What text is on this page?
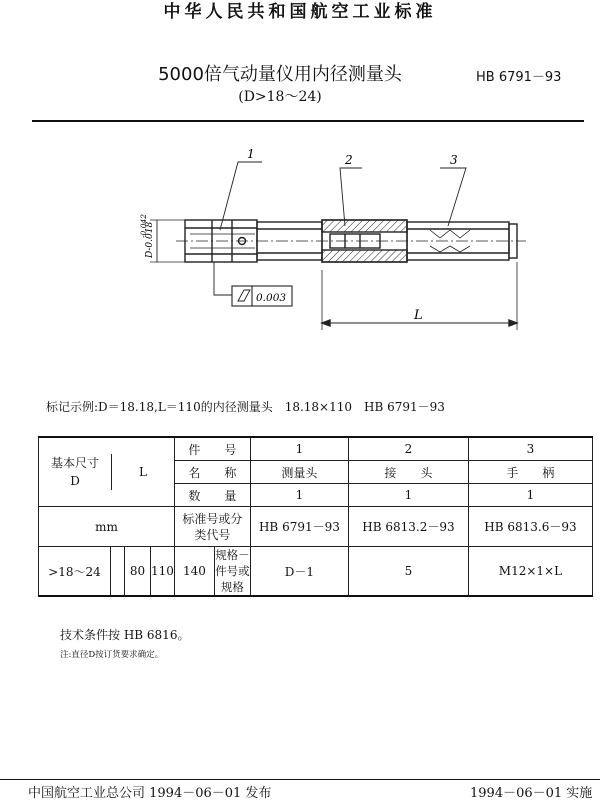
中华人民共和国航空工业标准
5000倍气动量仪用内径测量头
(D>18～24)
HB 6791－93
1	2	3
D-0.018
-0.042
0.003
L
标记示例:D＝18.18,L＝110的内径测量头　18.18×110　HB 6791－93
基本尺寸
D
L				件　　号		1	2	3
				名　　称		测量头	接　　头	手　　柄
				数　　量		1	1	1
mm				标准号或分类代号		HB 6791－93	HB 6813.2－93	HB 6813.6－93
>18～24		80	110	140	规格－件号或规格	D－1	5	M12×1×L
技术条件按 HB 6816。
注:直径D按订货要求确定。
中国航空工业总公司 1994－06－01 发布	1994－06－01 实施
